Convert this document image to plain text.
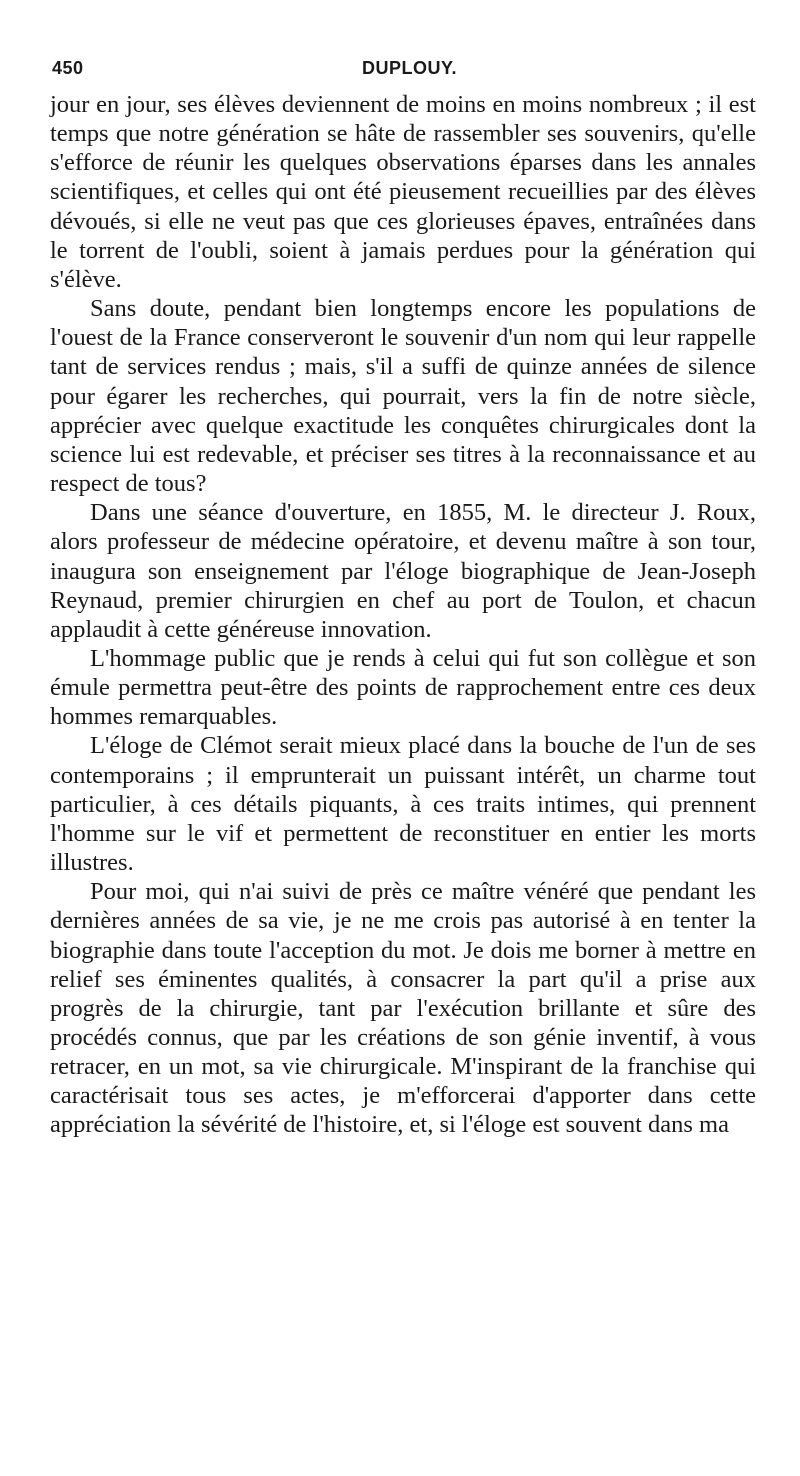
450	DUPLOUY.

jour en jour, ses élèves deviennent de moins en moins nombreux ; il est temps que notre génération se hâte de rassembler ses souvenirs, qu'elle s'efforce de réunir les quelques observations éparses dans les annales scientifiques, et celles qui ont été pieusement recueillies par des élèves dévoués, si elle ne veut pas que ces glorieuses épaves, entraînées dans le torrent de l'oubli, soient à jamais perdues pour la génération qui s'élève.

Sans doute, pendant bien longtemps encore les populations de l'ouest de la France conserveront le souvenir d'un nom qui leur rappelle tant de services rendus ; mais, s'il a suffi de quinze années de silence pour égarer les recherches, qui pourrait, vers la fin de notre siècle, apprécier avec quelque exactitude les conquêtes chirurgicales dont la science lui est redevable, et préciser ses titres à la reconnaissance et au respect de tous?

Dans une séance d'ouverture, en 1855, M. le directeur J. Roux, alors professeur de médecine opératoire, et devenu maître à son tour, inaugura son enseignement par l'éloge biographique de Jean-Joseph Reynaud, premier chirurgien en chef au port de Toulon, et chacun applaudit à cette généreuse innovation.

L'hommage public que je rends à celui qui fut son collègue et son émule permettra peut-être des points de rapprochement entre ces deux hommes remarquables.

L'éloge de Clémot serait mieux placé dans la bouche de l'un de ses contemporains ; il emprunterait un puissant intérêt, un charme tout particulier, à ces détails piquants, à ces traits intimes, qui prennent l'homme sur le vif et permettent de reconstituer en entier les morts illustres.

Pour moi, qui n'ai suivi de près ce maître vénéré que pendant les dernières années de sa vie, je ne me crois pas autorisé à en tenter la biographie dans toute l'acception du mot. Je dois me borner à mettre en relief ses éminentes qualités, à consacrer la part qu'il a prise aux progrès de la chirurgie, tant par l'exécution brillante et sûre des procédés connus, que par les créations de son génie inventif, à vous retracer, en un mot, sa vie chirurgicale. M'inspirant de la franchise qui caractérisait tous ses actes, je m'efforcerai d'apporter dans cette appréciation la sévérité de l'histoire, et, si l'éloge est souvent dans ma
